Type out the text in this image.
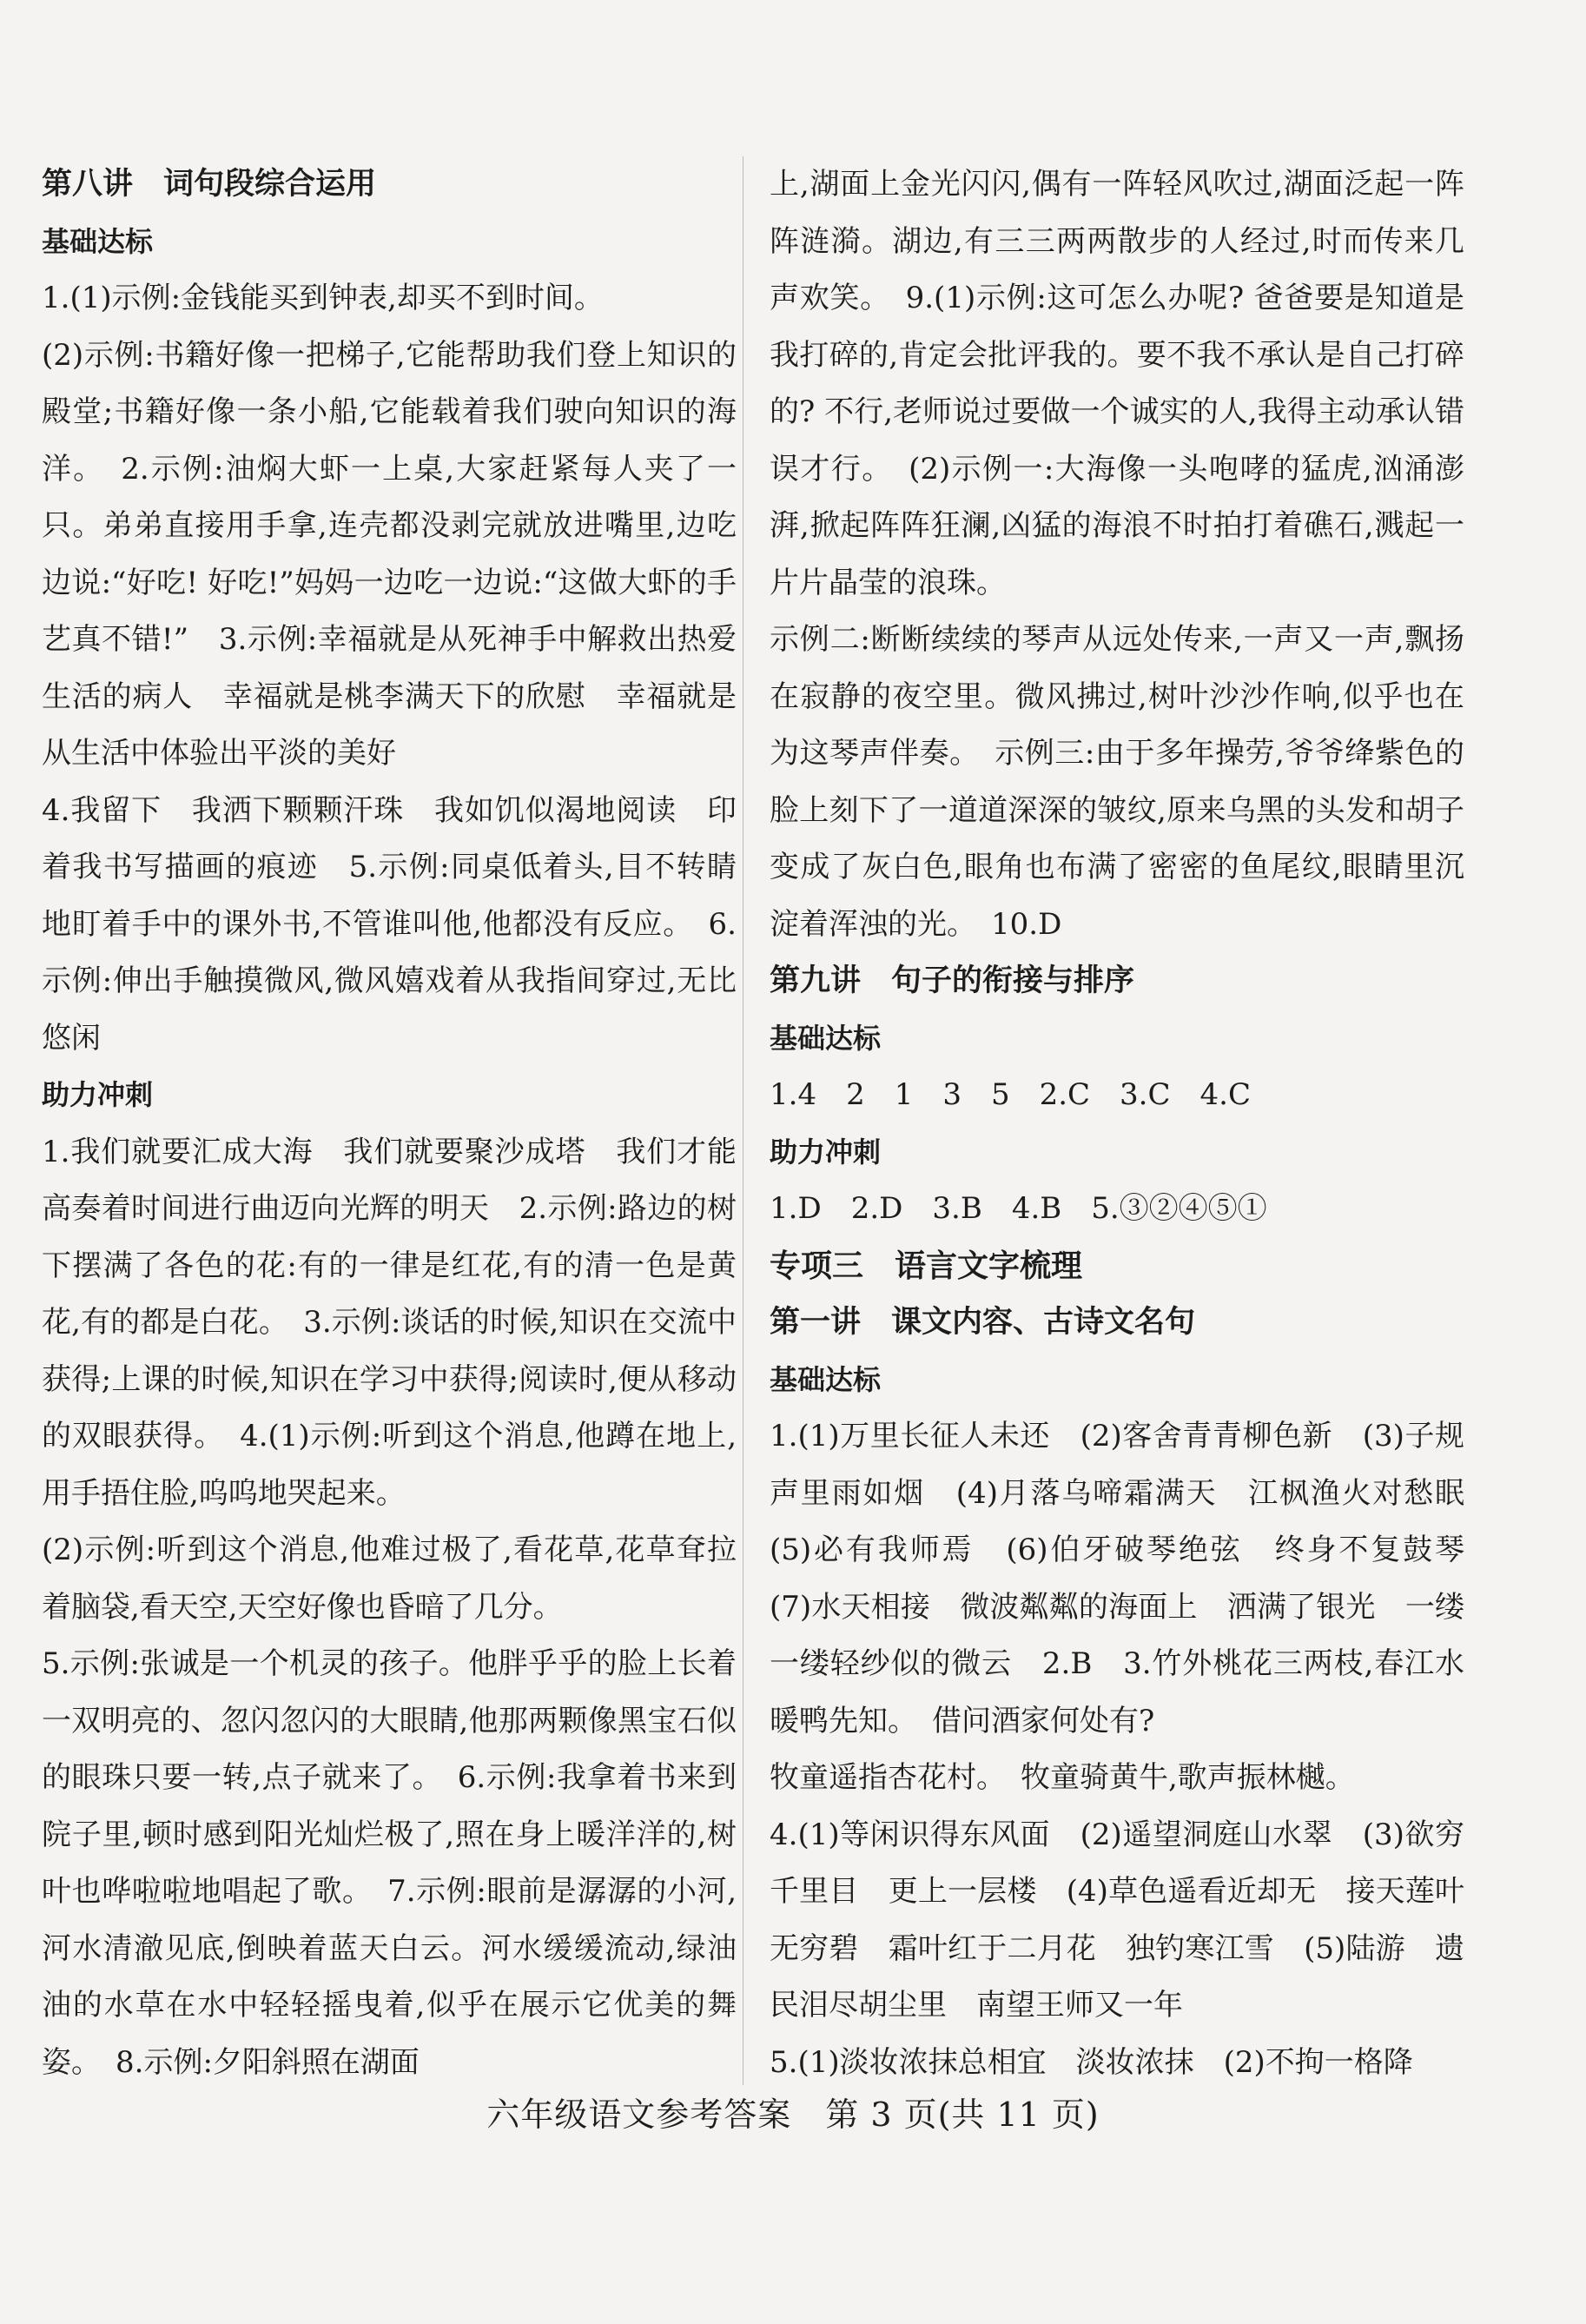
第八讲　词句段综合运用

基础达标

1.(1)示例:金钱能买到钟表,却买不到时间。

(2)示例:书籍好像一把梯子,它能帮助我们登上知识的殿堂;书籍好像一条小船,它能载着我们驶向知识的海洋。　2.示例:油焖大虾一上桌,大家赶紧每人夹了一只。弟弟直接用手拿,连壳都没剥完就放进嘴里,边吃边说:“好吃! 好吃!”妈妈一边吃一边说:“这做大虾的手艺真不错!”　3.示例:幸福就是从死神手中解救出热爱生活的病人　幸福就是桃李满天下的欣慰　幸福就是从生活中体验出平淡的美好

4.我留下　我洒下颗颗汗珠　我如饥似渴地阅读　印着我书写描画的痕迹　5.示例:同桌低着头,目不转睛地盯着手中的课外书,不管谁叫他,他都没有反应。　6.示例:伸出手触摸微风,微风嬉戏着从我指间穿过,无比悠闲

助力冲刺

1.我们就要汇成大海　我们就要聚沙成塔　我们才能高奏着时间进行曲迈向光辉的明天　2.示例:路边的树下摆满了各色的花:有的一律是红花,有的清一色是黄花,有的都是白花。　3.示例:谈话的时候,知识在交流中获得;上课的时候,知识在学习中获得;阅读时,便从移动的双眼获得。　4.(1)示例:听到这个消息,他蹲在地上,用手捂住脸,呜呜地哭起来。

(2)示例:听到这个消息,他难过极了,看花草,花草耷拉着脑袋,看天空,天空好像也昏暗了几分。

5.示例:张诚是一个机灵的孩子。他胖乎乎的脸上长着一双明亮的、忽闪忽闪的大眼睛,他那两颗像黑宝石似的眼珠只要一转,点子就来了。　6.示例:我拿着书来到院子里,顿时感到阳光灿烂极了,照在身上暖洋洋的,树叶也哗啦啦地唱起了歌。　7.示例:眼前是潺潺的小河,河水清澈见底,倒映着蓝天白云。河水缓缓流动,绿油油的水草在水中轻轻摇曳着,似乎在展示它优美的舞姿。　8.示例:夕阳斜照在湖面

上,湖面上金光闪闪,偶有一阵轻风吹过,湖面泛起一阵阵涟漪。湖边,有三三两两散步的人经过,时而传来几声欢笑。　9.(1)示例:这可怎么办呢? 爸爸要是知道是我打碎的,肯定会批评我的。要不我不承认是自己打碎的? 不行,老师说过要做一个诚实的人,我得主动承认错误才行。　(2)示例一:大海像一头咆哮的猛虎,汹涌澎湃,掀起阵阵狂澜,凶猛的海浪不时拍打着礁石,溅起一片片晶莹的浪珠。

示例二:断断续续的琴声从远处传来,一声又一声,飘扬在寂静的夜空里。微风拂过,树叶沙沙作响,似乎也在为这琴声伴奏。　示例三:由于多年操劳,爷爷绛紫色的脸上刻下了一道道深深的皱纹,原来乌黑的头发和胡子变成了灰白色,眼角也布满了密密的鱼尾纹,眼睛里沉淀着浑浊的光。　10.D

第九讲　句子的衔接与排序

基础达标

1.4　2　1　3　5　2.C　3.C　4.C

助力冲刺

1.D　2.D　3.B　4.B　5.③②④⑤①

专项三　语言文字梳理

第一讲　课文内容、古诗文名句

基础达标

1.(1)万里长征人未还　(2)客舍青青柳色新　(3)子规声里雨如烟　(4)月落乌啼霜满天　江枫渔火对愁眠　(5)必有我师焉　(6)伯牙破琴绝弦　终身不复鼓琴　(7)水天相接　微波粼粼的海面上　洒满了银光　一缕一缕轻纱似的微云　2.B　3.竹外桃花三两枝,春江水暖鸭先知。　借问酒家何处有?

牧童遥指杏花村。　牧童骑黄牛,歌声振林樾。

4.(1)等闲识得东风面　(2)遥望洞庭山水翠　(3)欲穷千里目　更上一层楼　(4)草色遥看近却无　接天莲叶无穷碧　霜叶红于二月花　独钓寒江雪　(5)陆游　遗民泪尽胡尘里　南望王师又一年

5.(1)淡妆浓抹总相宜　淡妆浓抹　(2)不拘一格降

六年级语文参考答案　第 3 页(共 11 页)
